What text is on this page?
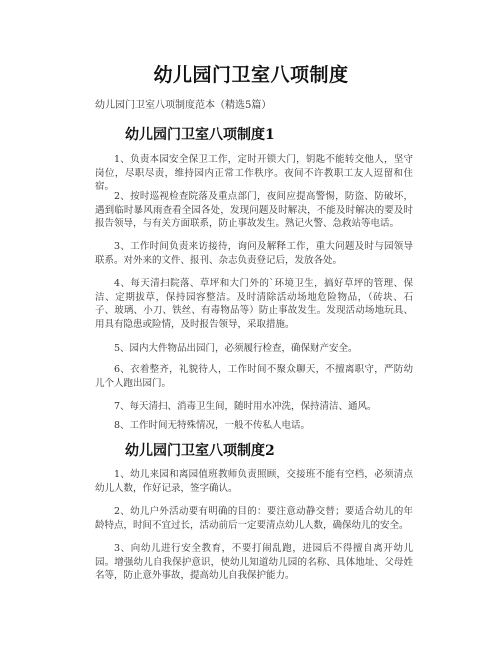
幼儿园门卫室八项制度
幼儿园门卫室八项制度范本（精选5篇）
幼儿园门卫室八项制度1

1、负责本园安全保卫工作，定时开锁大门，钥匙不能转交他人，坚守岗位，尽职尽责，维持园内正常工作秩序。夜间不许教职工友人逗留和住宿。

2、按时巡视检查院落及重点部门，夜间应提高警惕，防盗、防破坏，遇到临时暴风雨查看全园各处，发现问题及时解决，不能及时解决的要及时报告领导，与有关方面联系，防止事故发生。熟记火警、急救站等电话。

3、工作时间负责来访接待，询问及解释工作，重大问题及时与园领导联系。对外来的文件、报刊、杂志负责登记后，发放各处。

4、每天清扫院落、草坪和大门外的`环境卫生，搞好草坪的管理、保洁、定期拔草，保持园容整洁。及时清除活动场地危险物品，（砖块、石子、玻璃、小刀、铁丝、有毒物品等）防止事故发生。发现活动场地玩具、用具有隐患或险情，及时报告领导，采取措施。

5、园内大件物品出园门，必须履行检查，确保财产安全。

6、衣着整齐，礼貌待人，工作时间不聚众聊天，不擅离职守，严防幼儿个人跑出园门。

7、每天清扫、消毒卫生间，随时用水冲洗，保持清洁、通风。

8、工作时间无特殊情况，一般不传私人电话。

幼儿园门卫室八项制度2

1、幼儿来园和离园值班教师负责照顾，交接班不能有空档，必须清点幼儿人数，作好记录，签字确认。

2、幼儿户外活动要有明确的目的：要注意动静交替；要适合幼儿的年龄特点，时间不宜过长，活动前后一定要清点幼儿人数，确保幼儿的安全。

3、向幼儿进行安全教育，不要打闹乱跑，进园后不得擅自离开幼儿园。增强幼儿自我保护意识，使幼儿知道幼儿园的名称、具体地址、父母姓名等，防止意外事故，提高幼儿自我保护能力。
